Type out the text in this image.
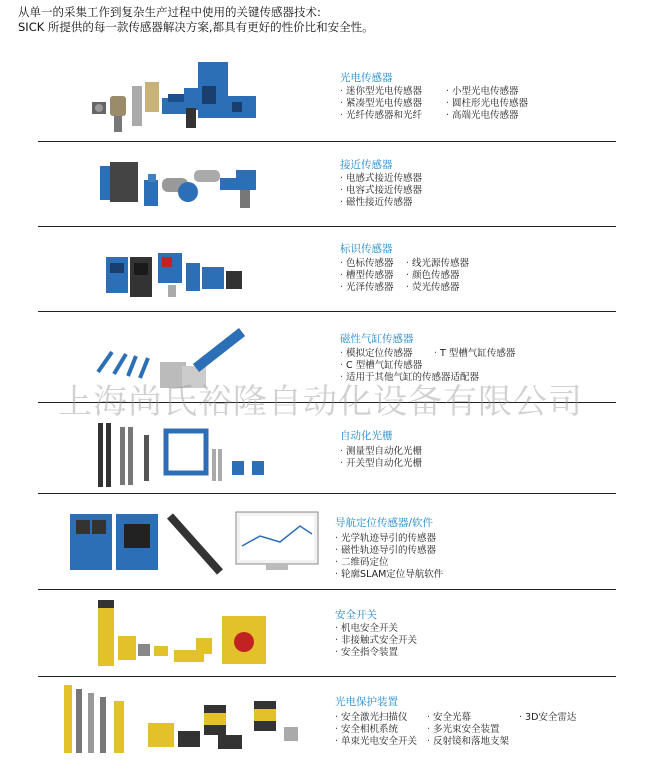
从单一的采集工作到复杂生产过程中使用的关键传感器技术:
SICK 所提供的每一款传感器解决方案,都具有更好的性价比和安全性。
光电传感器
· 迷你型光电传感器
· 紧凑型光电传感器
· 光纤传感器和光纤
· 小型光电传感器
· 圆柱形光电传感器
· 高端光电传感器
接近传感器
· 电感式接近传感器
· 电容式接近传感器
· 磁性接近传感器
标识传感器
· 色标传感器
· 槽型传感器
· 光泽传感器
· 线光源传感器
· 颜色传感器
· 荧光传感器
磁性气缸传感器
· 模拟定位传感器
· C 型槽气缸传感器
· 适用于其他气缸的传感器适配器
· T 型槽气缸传感器
自动化光栅
· 测量型自动化光栅
· 开关型自动化光栅
导航定位传感器/软件
· 光学轨迹导引的传感器
· 磁性轨迹导引的传感器
· 二维码定位
· 轮廓SLAM定位导航软件
安全开关
· 机电安全开关
· 非接触式安全开关
· 安全指令装置
光电保护装置
· 安全激光扫描仪
· 安全相机系统
· 单束光电安全开关
· 安全光幕
· 多光束安全装置
· 反射镜和落地支架
· 3D安全雷达
上海尚氏裕隆自动化设备有限公司
